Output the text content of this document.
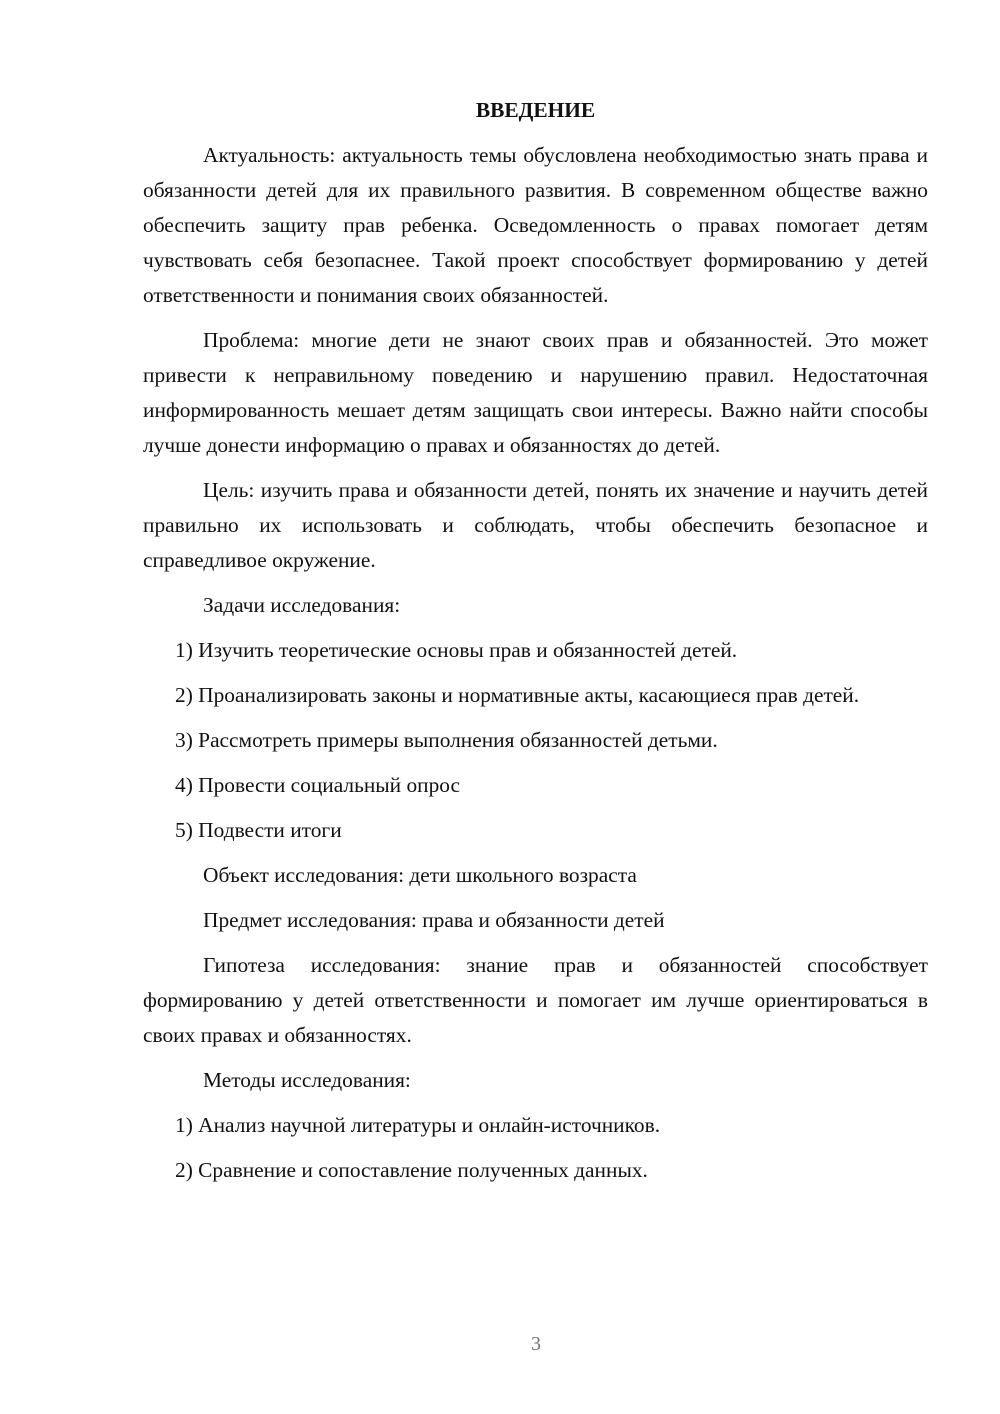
ВВЕДЕНИЕ

Актуальность: актуальность темы обусловлена необходимостью знать права и обязанности детей для их правильного развития. В современном обществе важно обеспечить защиту прав ребенка. Осведомленность о правах помогает детям чувствовать себя безопаснее. Такой проект способствует формированию у детей ответственности и понимания своих обязанностей.

Проблема: многие дети не знают своих прав и обязанностей. Это может привести к неправильному поведению и нарушению правил. Недостаточная информированность мешает детям защищать свои интересы. Важно найти способы лучше донести информацию о правах и обязанностях до детей.

Цель: изучить права и обязанности детей, понять их значение и научить детей правильно их использовать и соблюдать, чтобы обеспечить безопасное и справедливое окружение.

Задачи исследования:

1) Изучить теоретические основы прав и обязанностей детей.

2) Проанализировать законы и нормативные акты, касающиеся прав детей.

3) Рассмотреть примеры выполнения обязанностей детьми.

4) Провести социальный опрос

5) Подвести итоги

Объект исследования: дети школьного возраста

Предмет исследования: права и обязанности детей

Гипотеза исследования: знание прав и обязанностей способствует формированию у детей ответственности и помогает им лучше ориентироваться в своих правах и обязанностях.

Методы исследования:

1) Анализ научной литературы и онлайн-источников.

2) Сравнение и сопоставление полученных данных.

3
